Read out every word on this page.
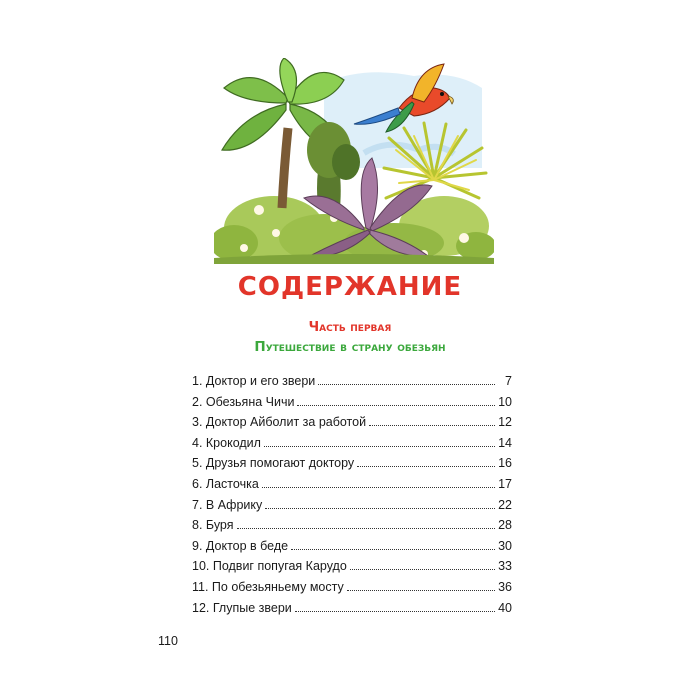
СОДЕРЖАНИЕ
Часть первая
Путешествие в страну обезьян
1. Доктор и его звери	7
2. Обезьяна Чичи	10
3. Доктор Айболит за работой	12
4. Крокодил	14
5. Друзья помогают доктору	16
6. Ласточка	17
7. В Африку	22
8. Буря	28
9. Доктор в беде	30
10. Подвиг попугая Карудо	33
11. По обезьяньему мосту	36
12. Глупые звери	40
110
